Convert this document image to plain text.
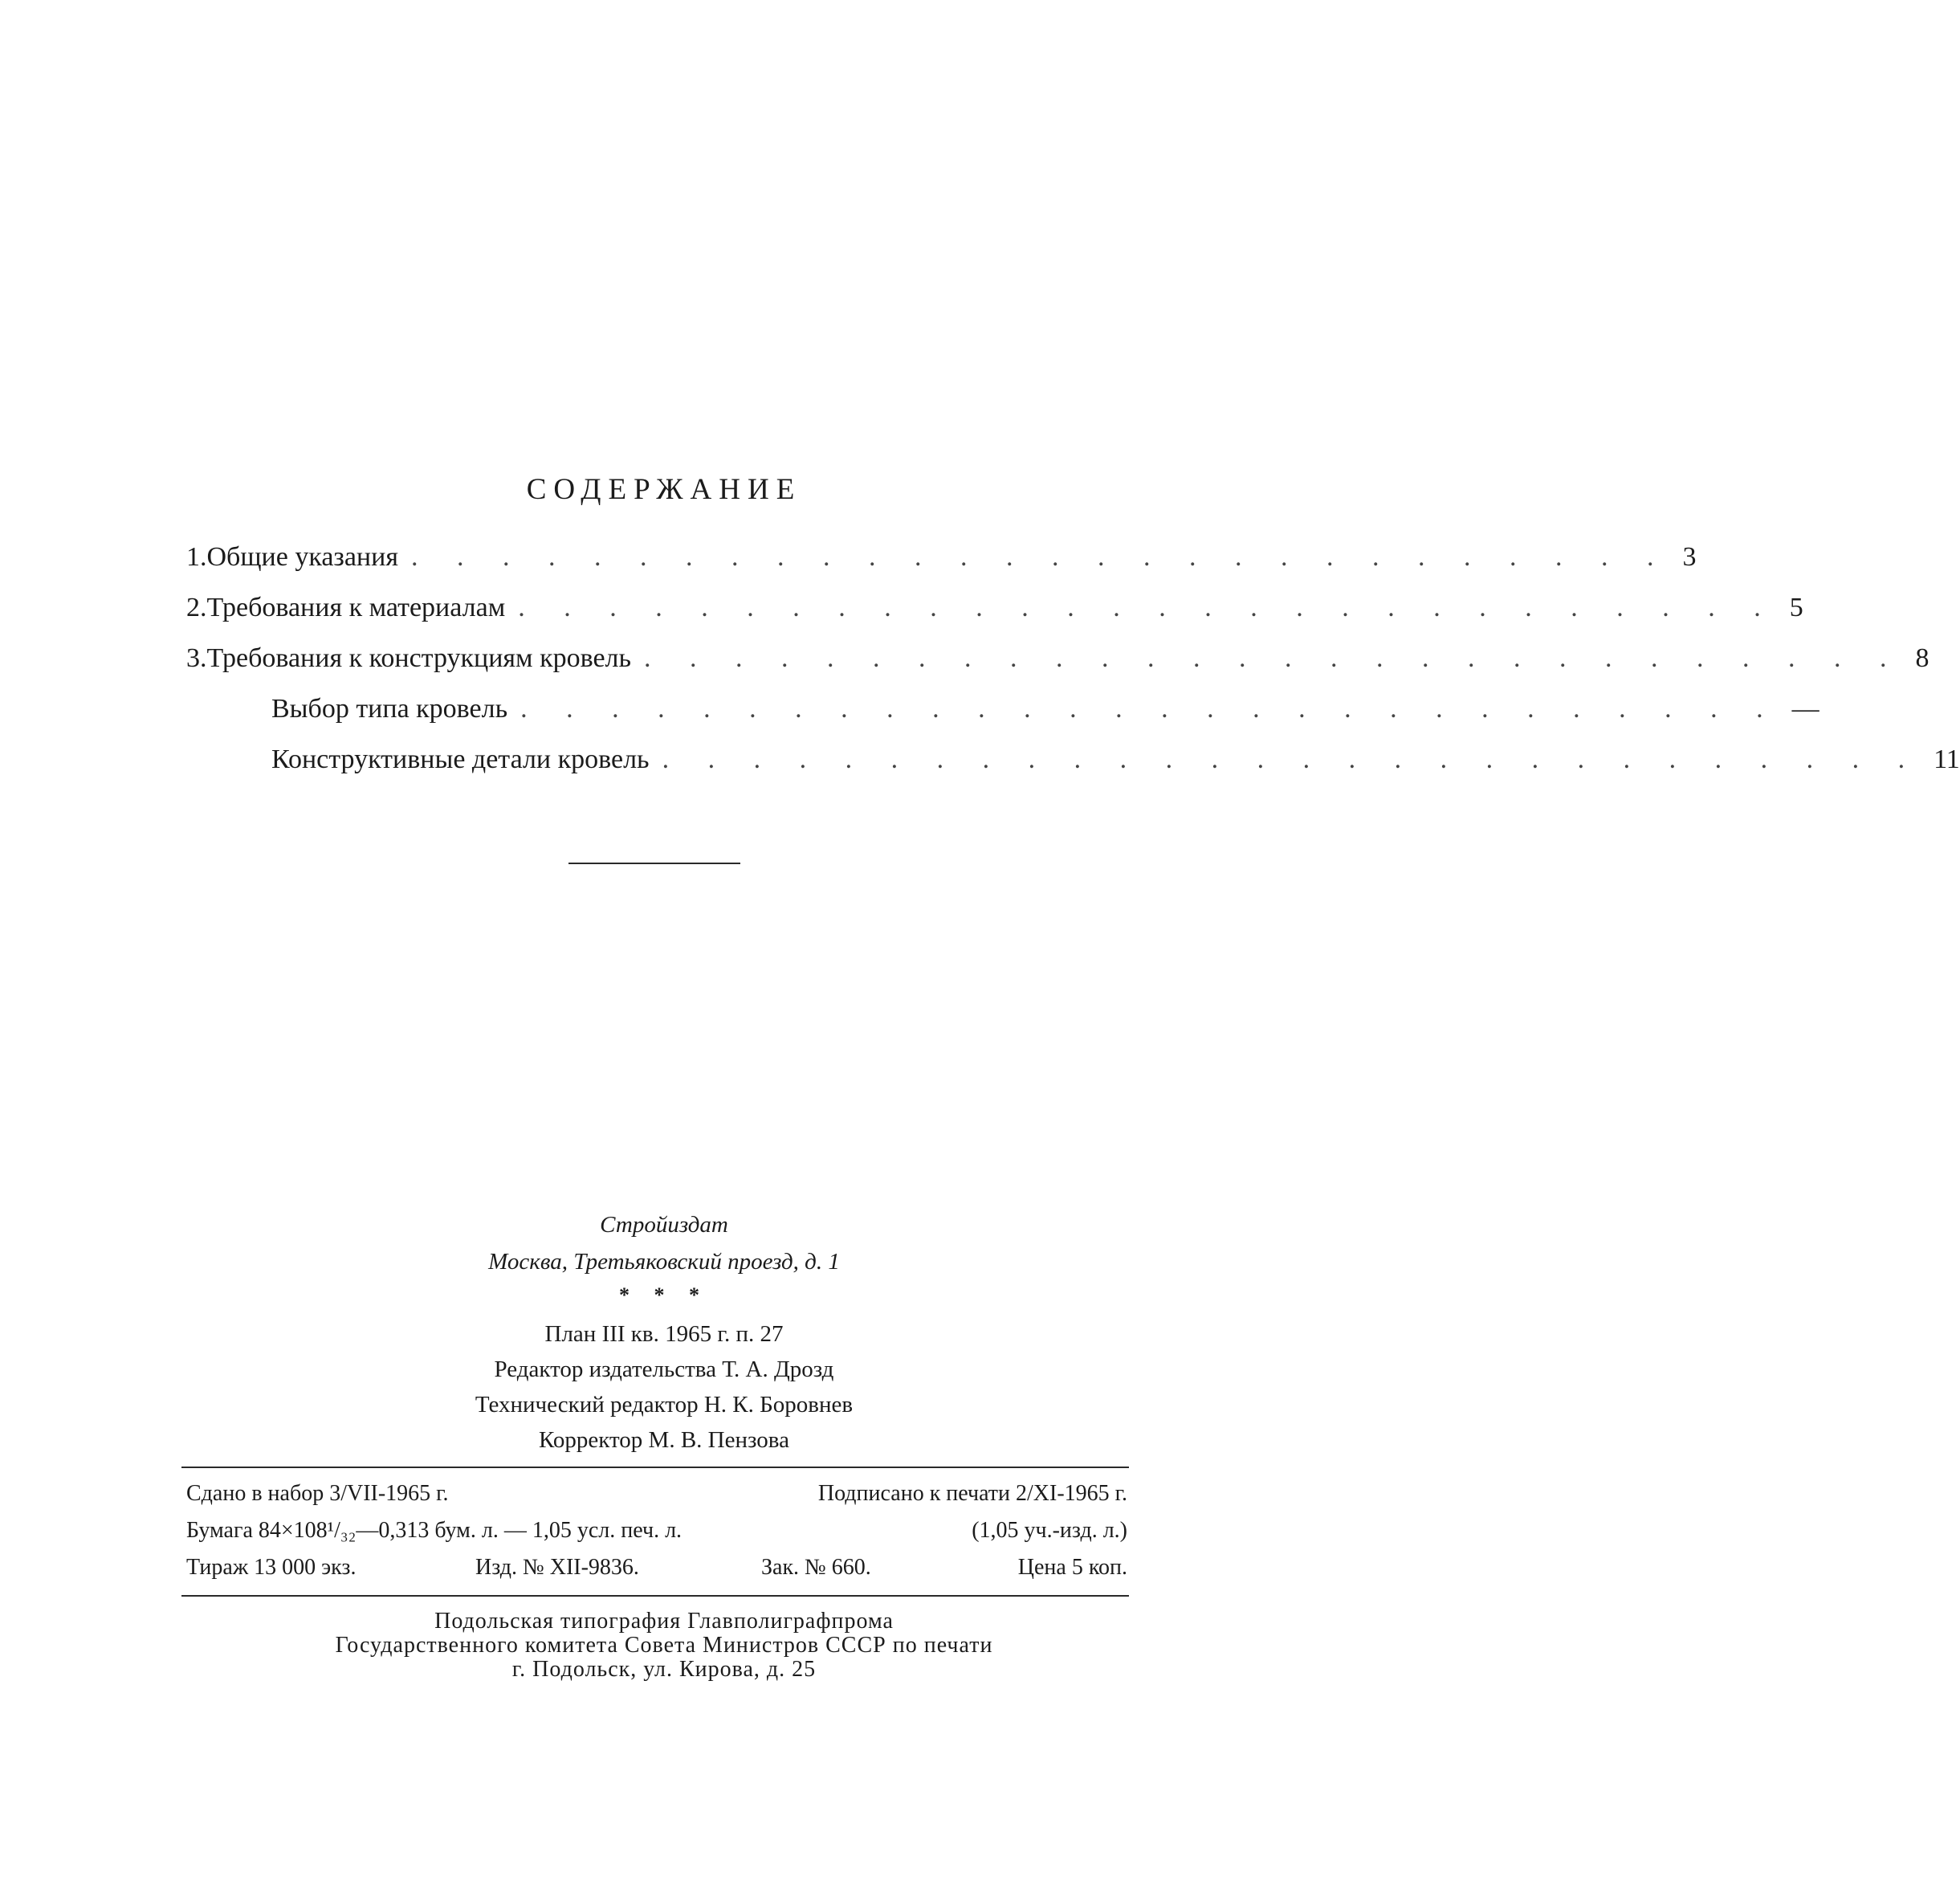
СОДЕРЖАНИЕ
1. Общие указания . . . . . . . . . . . . . . . . . . . . . . . . . . . . 3
2. Требования к материалам . . . . . . . . . . . . . . . . . . . . . . . . . . . . 5
3. Требования к конструкциям кровель . . . . . . . . . . . . . . . . . . . . . . . . . . . . 8
Выбор типа кровель . . . . . . . . . . . . . . . . . . . . . . . . . . . . —
Конструктивные детали кровель . . . . . . . . . . . . . . . . . . . . . . . . . . . . 11
Стройиздат
Москва, Третьяковский проезд, д. 1
* * *
План III кв. 1965 г. п. 27
Редактор издательства Т. А. Дрозд
Технический редактор Н. К. Боровнев
Корректор М. В. Пензова
Сдано в набор 3/VII-1965 г.	Подписано к печати 2/XI-1965 г.
Бумага 84×108¹/₃₂—0,313 бум. л. — 1,05 усл. печ. л.	(1,05 уч.-изд. л.)
Тираж 13 000 экз.	Изд. № XII-9836.	Зак. № 660.	Цена 5 коп.
Подольская типография Главполиграфпрома
Государственного комитета Совета Министров СССР по печати
г. Подольск, ул. Кирова, д. 25
